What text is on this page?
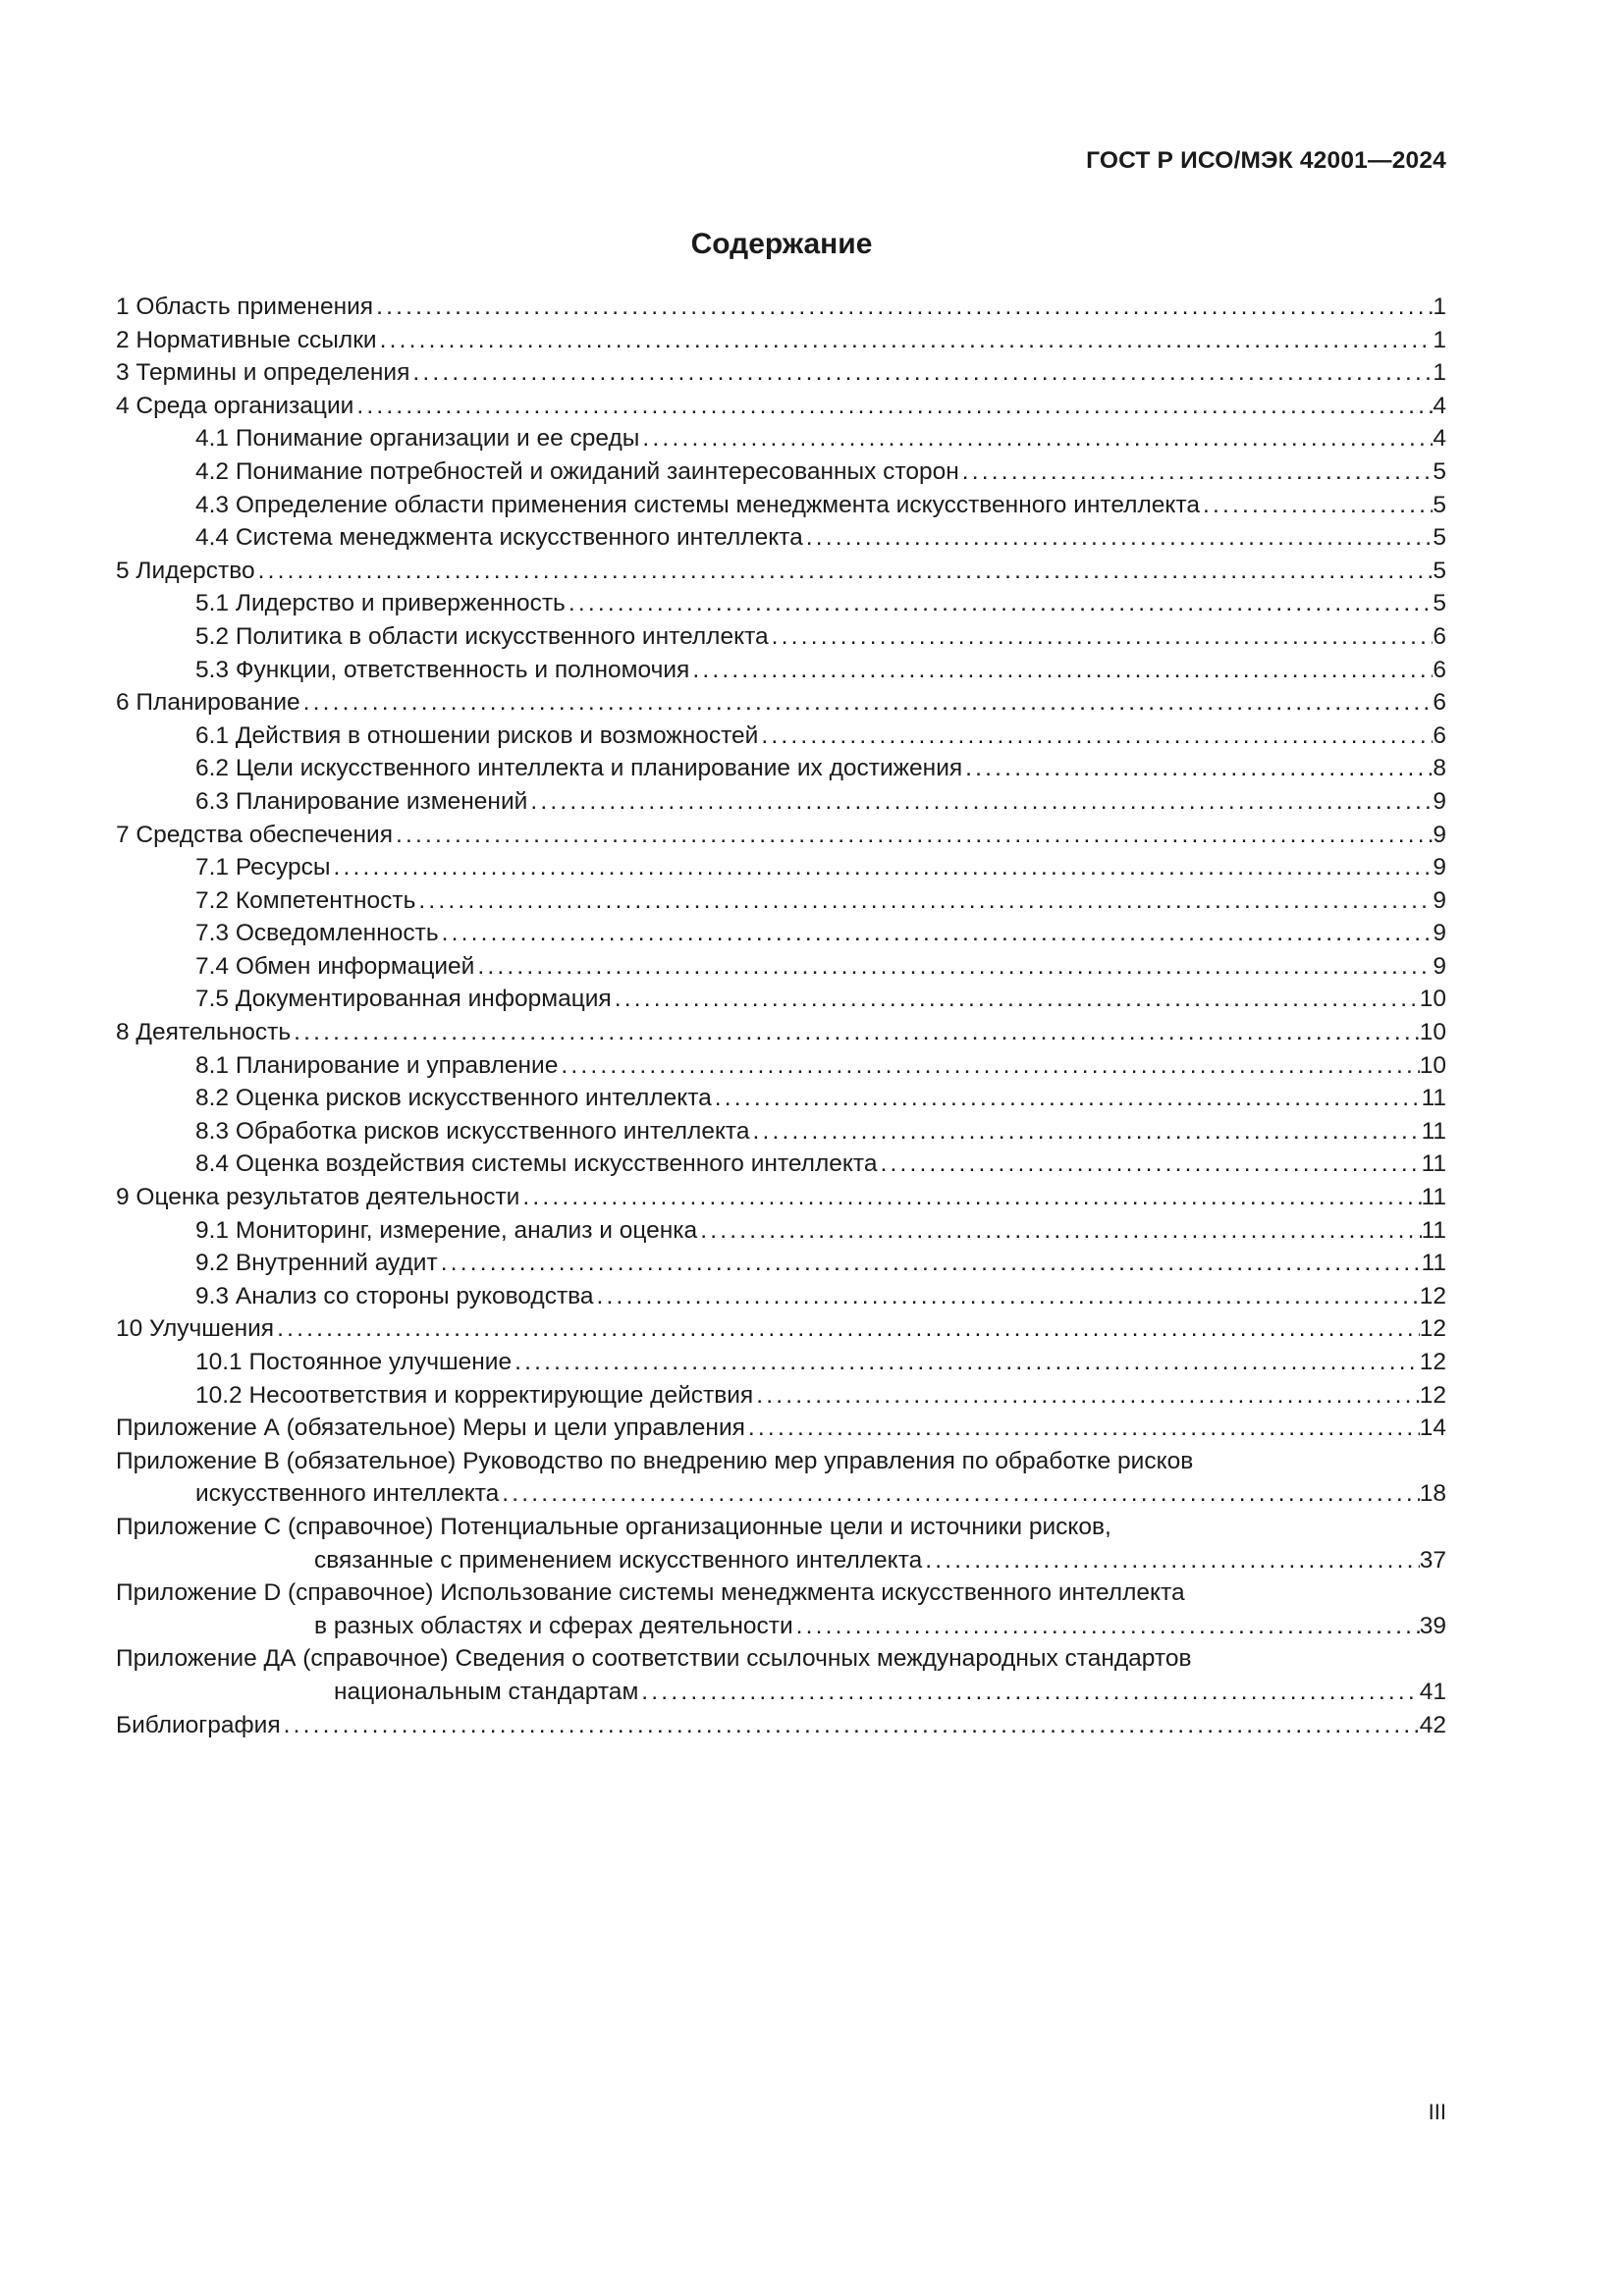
ГОСТ Р ИСО/МЭК 42001—2024
Содержание
1 Область применения .....	1
2 Нормативные ссылки .....	1
3 Термины и определения .....	1
4 Среда организации .....	4
4.1 Понимание организации и ее среды .....	4
4.2 Понимание потребностей и ожиданий заинтересованных сторон .....	5
4.3 Определение области применения системы менеджмента искусственного интеллекта .....	5
4.4 Система менеджмента искусственного интеллекта .....	5
5 Лидерство .....	5
5.1 Лидерство и приверженность .....	5
5.2 Политика в области искусственного интеллекта .....	6
5.3 Функции, ответственность и полномочия .....	6
6 Планирование .....	6
6.1 Действия в отношении рисков и возможностей .....	6
6.2 Цели искусственного интеллекта и планирование их достижения .....	8
6.3 Планирование изменений .....	9
7 Средства обеспечения .....	9
7.1 Ресурсы .....	9
7.2 Компетентность .....	9
7.3 Осведомленность .....	9
7.4 Обмен информацией .....	9
7.5 Документированная информация .....	10
8 Деятельность .....	10
8.1 Планирование и управление .....	10
8.2 Оценка рисков искусственного интеллекта .....	11
8.3 Обработка рисков искусственного интеллекта .....	11
8.4 Оценка воздействия системы искусственного интеллекта .....	11
9 Оценка результатов деятельности .....	11
9.1 Мониторинг, измерение, анализ и оценка .....	11
9.2 Внутренний аудит .....	11
9.3 Анализ со стороны руководства .....	12
10 Улучшения .....	12
10.1 Постоянное улучшение .....	12
10.2 Несоответствия и корректирующие действия .....	12
Приложение А (обязательное) Меры и цели управления .....	14
Приложение В (обязательное) Руководство по внедрению мер управления по обработке рисков
искусственного интеллекта .....	18
Приложение С (справочное) Потенциальные организационные цели и источники рисков,
связанные с применением искусственного интеллекта .....	37
Приложение D (справочное) Использование системы менеджмента искусственного интеллекта
в разных областях и сферах деятельности .....	39
Приложение ДА (справочное) Сведения о соответствии ссылочных международных стандартов
национальным стандартам .....	41
Библиография .....	42
III
